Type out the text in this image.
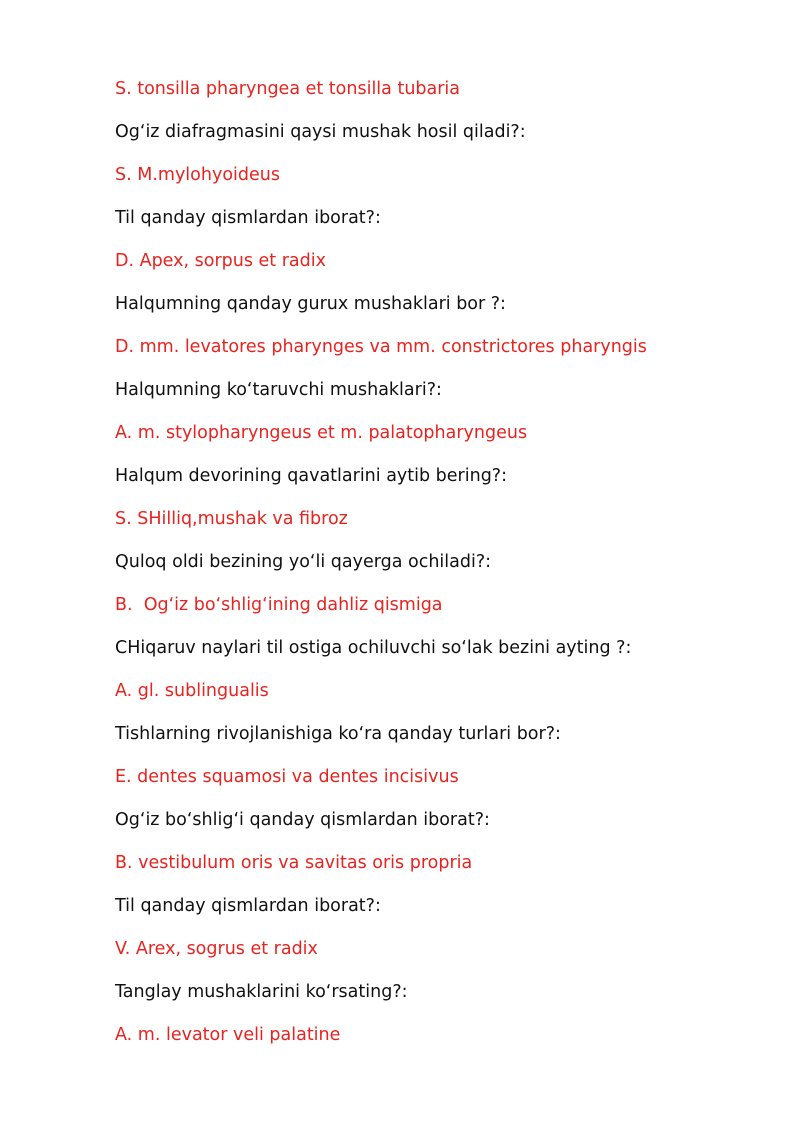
S. tonsilla pharyngea et tonsilla tubaria

Og‘iz diafragmasini qaysi mushak hosil qiladi?:

S. M.mylohyoideus

Til qanday qismlardan iborat?:

D. Apex, sorpus et radix

Halqumning qanday gurux mushaklari bor ?:

D. mm. levatores pharynges va mm. constrictores pharyngis

Halqumning ko‘taruvchi mushaklari?:

A. m. stylopharyngeus et m. palatopharyngeus

Halqum devorining qavatlarini aytib bering?:

S. SHilliq,mushak va fibroz

Quloq oldi bezining yo‘li qayerga ochiladi?:

B.  Og‘iz bo‘shlig‘ining dahliz qismiga

CHiqaruv naylari til ostiga ochiluvchi so‘lak bezini ayting ?:

A. gl. sublingualis

Tishlarning rivojlanishiga ko‘ra qanday turlari bor?:

E. dentes squamosi va dentes incisivus

Og‘iz bo‘shlig‘i qanday qismlardan iborat?:

B. vestibulum oris va savitas oris propria

Til qanday qismlardan iborat?:

V. Arex, sogrus et radix

Tanglay mushaklarini ko‘rsating?:

A. m. levator veli palatine
